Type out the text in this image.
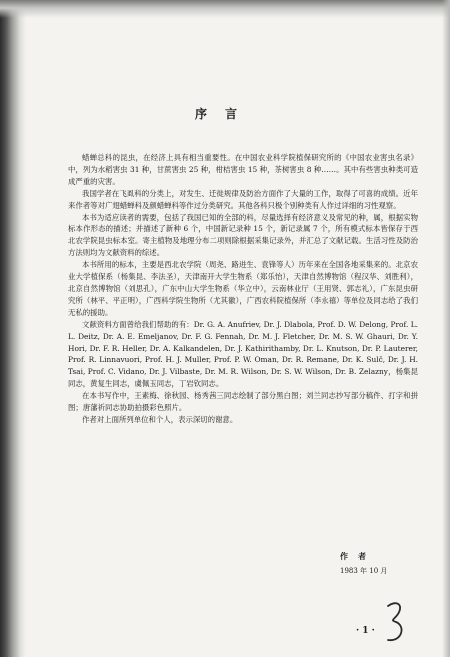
序言

蜡蝉总科的昆虫，在经济上具有相当重要性。在中国农业科学院植保研究所的《中国农业害虫名录》中，列为水稻害虫 31 种，甘蔗害虫 25 种，柑桔害虫 15 种，茶树害虫 8 种……。其中有些害虫种类可造成严重的灾害。

我国学者在飞虱科的分类上，对发生、迁徙规律及防治方面作了大量的工作，取得了可喜的成绩。近年来作者等对广翅蜡蝉科及颜蜡蝉科等作过分类研究。其他各科只极个别种类有人作过详细的习性观察。

本书为适应读者的需要，包括了我国已知的全部的科，尽量选择有经济意义及常见的种，属，根据实物标本作形态的描述；并描述了新种 6 个，中国新记录种 15 个，新记录属 7 个，所有模式标本皆保存于西北农学院昆虫标本室。寄主植物及地理分布二项则除根据采集记录外，并汇总了文献记载。生活习性及防治方法则均为文献资料的综述。

本书所用的标本，主要是西北农学院（周尧、路进生、袁锋等人）历年来在全国各地采集来的。北京农业大学植保系（杨集昆、李法圣），天津南开大学生物系（郑乐怡），天津自然博物馆（程汉华、刘胜利），北京自然博物馆（刘思孔），广东中山大学生物系（华立中），云南林业厅（王用贤、郭志礼），广东昆虫研究所（林平、平正明），广西科学院生物所（尤其徽），广西农科院植保所（李永禧）等单位及同志给了我们无私的援助。

文献资料方面曾给我们帮助的有：Dr. G. A. Anufriev, Dr. J. Dlabola, Prof. D. W. Delong, Prof. L. L. Deitz, Dr. A. E. Emeljanov, Dr. F. G. Fennah, Dr. M. J. Fletcher, Dr. M. S. W. Ghauri, Dr. Y. Hori, Dr. F. R. Heller, Dr. A. Kalkandelen, Dr. J. Kathirithamby, Dr. L. Knutson, Dr. P. Lauterer, Prof. R. Linnavuori, Prof. H. J. Muller, Prof. P. W. Oman, Dr. R. Remane, Dr. K. Sulč, Dr. J. H. Tsai, Prof. C. Vidano, Dr. J. Vilbaste, Dr. M. R. Wilson, Dr. S. W. Wilson, Dr. B. Zelazny，杨集昆同志，黄复生同志，虞佩玉同志，丁岩钦同志。

在本书写作中，王素梅、徐秋园、杨秀茜三同志绘制了部分黑白图；刘兰同志抄写部分稿件、打字和拼图；唐藩祈同志协助拍摄彩色照片。

作者对上面所列单位和个人，表示深切的谢意。

作者
1983 年 10 月
· 1 ·
